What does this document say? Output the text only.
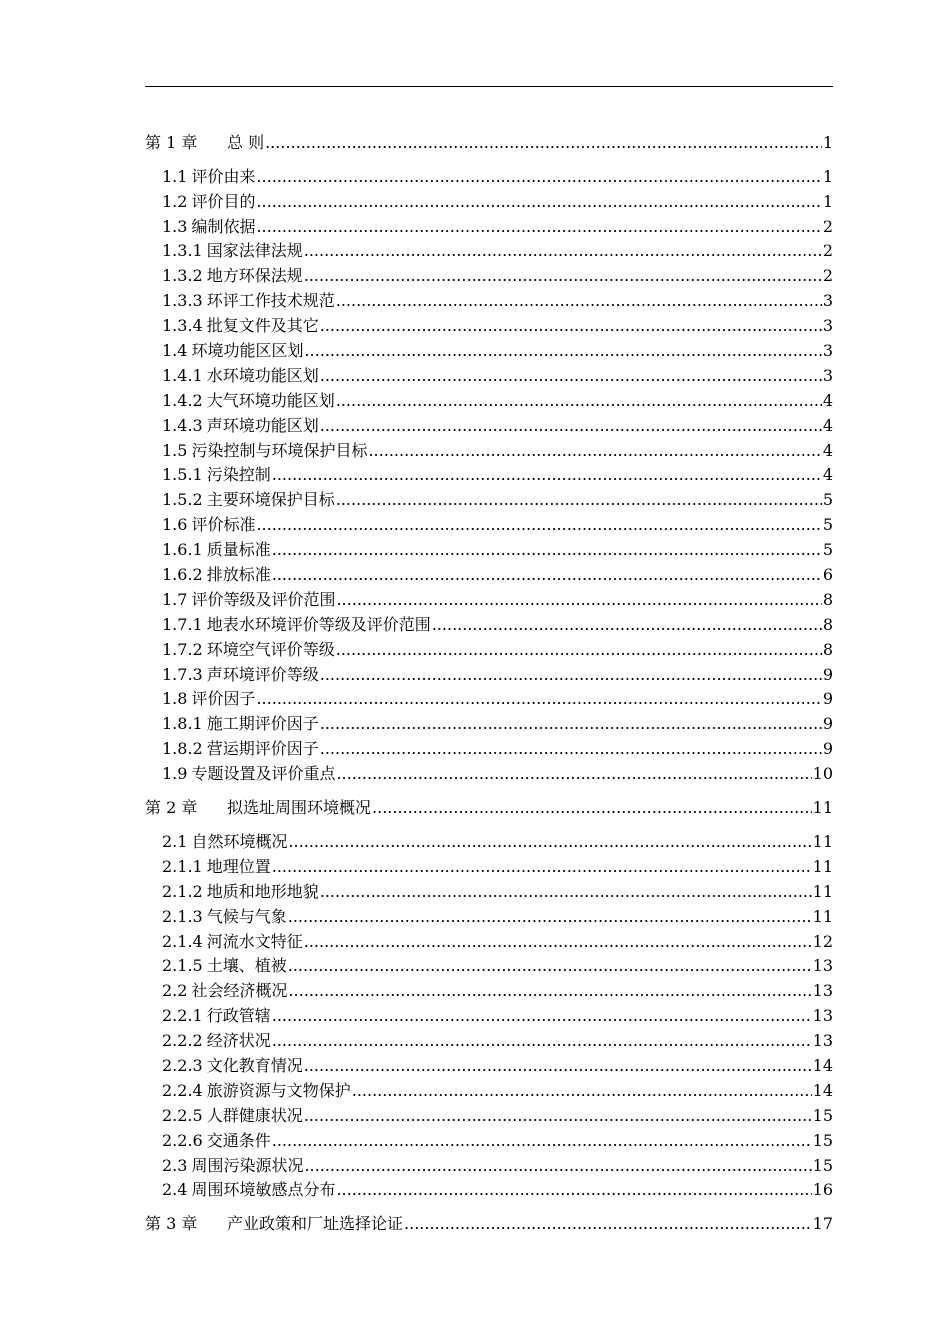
第 1 章	总 则 .....	1
1.1 评价由来 .....	1
1.2 评价目的 .....	1
1.3 编制依据 .....	2
1.3.1 国家法律法规 .....	2
1.3.2 地方环保法规 .....	2
1.3.3 环评工作技术规范 .....	3
1.3.4 批复文件及其它 .....	3
1.4 环境功能区区划 .....	3
1.4.1 水环境功能区划 .....	3
1.4.2 大气环境功能区划 .....	4
1.4.3 声环境功能区划 .....	4
1.5 污染控制与环境保护目标 .....	4
1.5.1 污染控制 .....	4
1.5.2 主要环境保护目标 .....	5
1.6 评价标准 .....	5
1.6.1 质量标准 .....	5
1.6.2 排放标准 .....	6
1.7 评价等级及评价范围 .....	8
1.7.1 地表水环境评价等级及评价范围 .....	8
1.7.2 环境空气评价等级 .....	8
1.7.3 声环境评价等级 .....	9
1.8 评价因子 .....	9
1.8.1 施工期评价因子 .....	9
1.8.2 营运期评价因子 .....	9
1.9 专题设置及评价重点 .....	10
第 2 章	拟选址周围环境概况 .....	11
2.1 自然环境概况 .....	11
2.1.1 地理位置 .....	11
2.1.2 地质和地形地貌 .....	11
2.1.3 气候与气象 .....	11
2.1.4 河流水文特征 .....	12
2.1.5 土壤、植被 .....	13
2.2 社会经济概况 .....	13
2.2.1 行政管辖 .....	13
2.2.2 经济状况 .....	13
2.2.3 文化教育情况 .....	14
2.2.4 旅游资源与文物保护 .....	14
2.2.5 人群健康状况 .....	15
2.2.6 交通条件 .....	15
2.3 周围污染源状况 .....	15
2.4 周围环境敏感点分布 .....	16
第 3 章	产业政策和厂址选择论证 .....	17
